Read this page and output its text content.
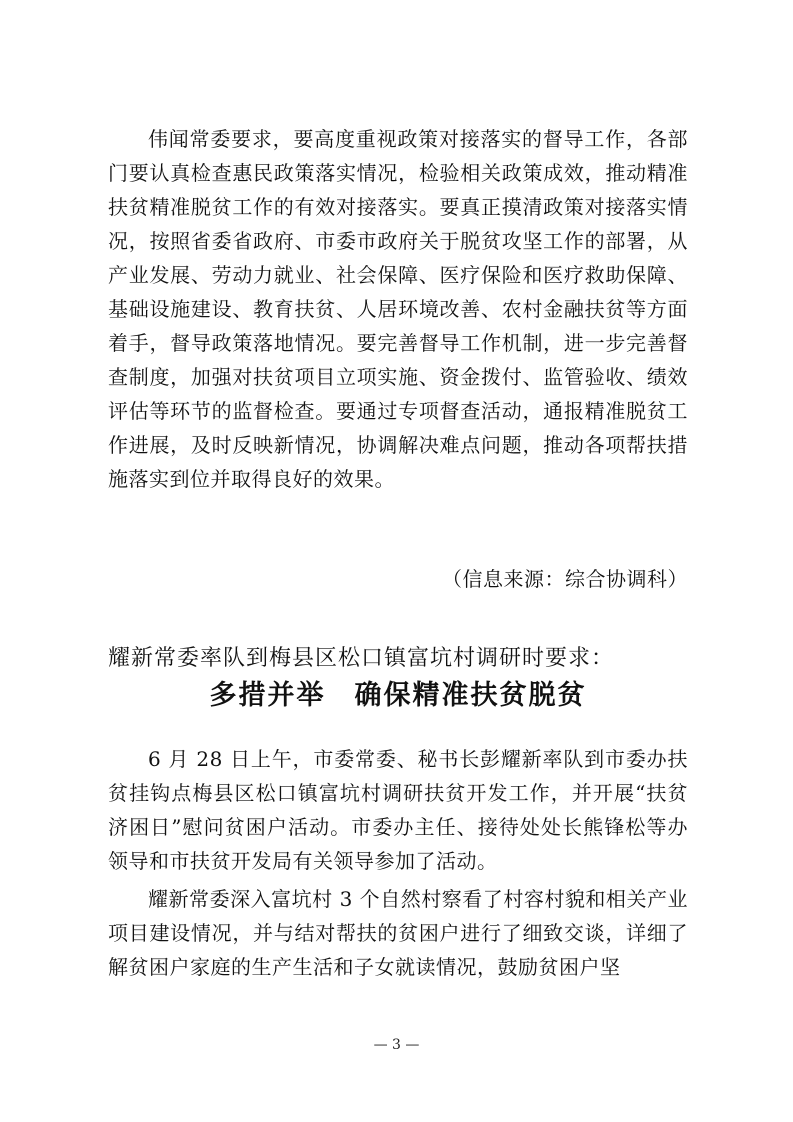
伟闻常委要求，要高度重视政策对接落实的督导工作，各部门要认真检查惠民政策落实情况，检验相关政策成效，推动精准扶贫精准脱贫工作的有效对接落实。要真正摸清政策对接落实情况，按照省委省政府、市委市政府关于脱贫攻坚工作的部署，从产业发展、劳动力就业、社会保障、医疗保险和医疗救助保障、基础设施建设、教育扶贫、人居环境改善、农村金融扶贫等方面着手，督导政策落地情况。要完善督导工作机制，进一步完善督查制度，加强对扶贫项目立项实施、资金拨付、监管验收、绩效评估等环节的监督检查。要通过专项督查活动，通报精准脱贫工作进展，及时反映新情况，协调解决难点问题，推动各项帮扶措施落实到位并取得良好的效果。

（信息来源：综合协调科）
耀新常委率队到梅县区松口镇富坑村调研时要求：
多措并举　确保精准扶贫脱贫

6 月 28 日上午，市委常委、秘书长彭耀新率队到市委办扶贫挂钩点梅县区松口镇富坑村调研扶贫开发工作，并开展“扶贫济困日”慰问贫困户活动。市委办主任、接待处处长熊锋松等办领导和市扶贫开发局有关领导参加了活动。

耀新常委深入富坑村 3 个自然村察看了村容村貌和相关产业项目建设情况，并与结对帮扶的贫困户进行了细致交谈，详细了解贫困户家庭的生产生活和子女就读情况，鼓励贫困户坚

— 3 —
